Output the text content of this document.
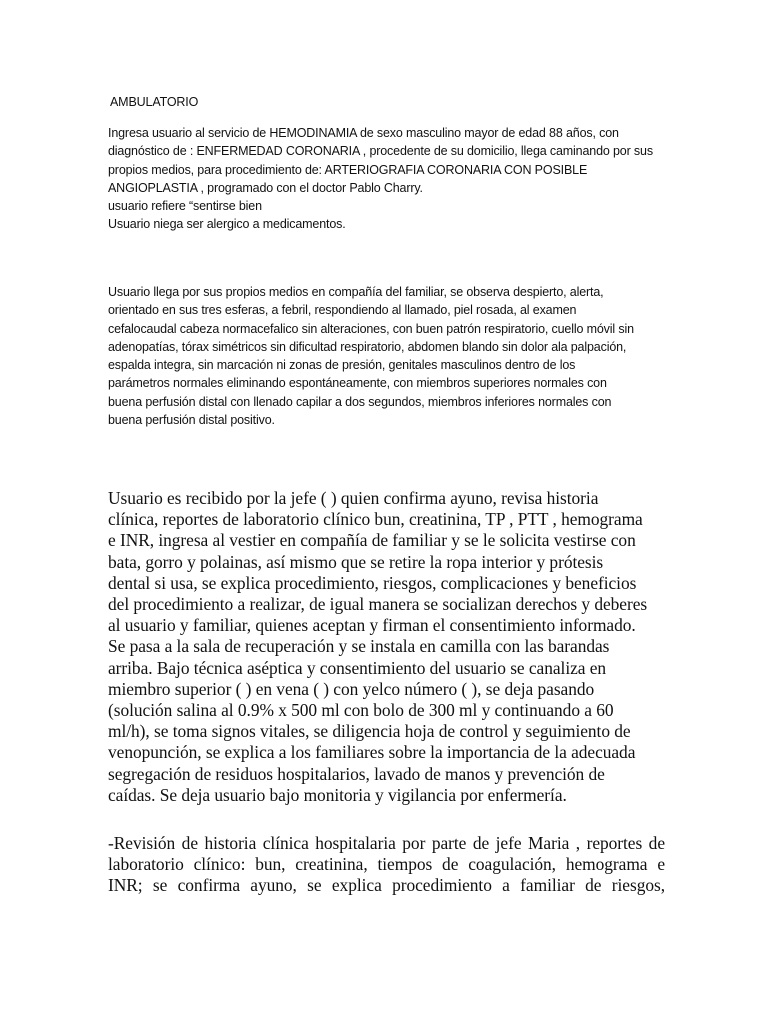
AMBULATORIO
Ingresa usuario al servicio de HEMODINAMIA de sexo masculino mayor de edad 88 años, con
diagnóstico de : ENFERMEDAD CORONARIA , procedente de su domicilio, llega caminando por sus
propios medios, para procedimiento de: ARTERIOGRAFIA CORONARIA CON POSIBLE
ANGIOPLASTIA , programado con el doctor Pablo Charry.
usuario refiere “sentirse bien
Usuario niega ser alergico a medicamentos.
Usuario llega por sus propios medios en compañía del familiar, se observa despierto, alerta,
orientado en sus tres esferas, a febril, respondiendo al llamado, piel rosada, al examen
cefalocaudal cabeza normacefalico sin alteraciones, con buen patrón respiratorio, cuello móvil sin
adenopatías, tórax simétricos sin dificultad respiratorio, abdomen blando sin dolor ala palpación,
espalda integra, sin marcación ni zonas de presión, genitales masculinos dentro de los
parámetros normales eliminando espontáneamente, con miembros superiores normales con
buena perfusión distal con llenado capilar a dos segundos, miembros inferiores normales con
buena perfusión distal positivo.
Usuario es recibido por la jefe ( ) quien confirma ayuno, revisa historia
clínica, reportes de laboratorio clínico bun, creatinina, TP , PTT , hemograma
e INR, ingresa al vestier en compañía de familiar y se le solicita vestirse con
bata, gorro y polainas, así mismo que se retire la ropa interior y prótesis
dental si usa, se explica procedimiento, riesgos, complicaciones y beneficios
del procedimiento a realizar, de igual manera se socializan derechos y deberes
al usuario y familiar, quienes aceptan y firman el consentimiento informado.
Se pasa a la sala de recuperación y se instala en camilla con las barandas
arriba. Bajo técnica aséptica y consentimiento del usuario se canaliza en
miembro superior ( ) en vena ( ) con yelco número ( ), se deja pasando
(solución salina al 0.9% x 500 ml con bolo de 300 ml y continuando a 60
ml/h), se toma signos vitales, se diligencia hoja de control y seguimiento de
venopunción, se explica a los familiares sobre la importancia de la adecuada
segregación de residuos hospitalarios, lavado de manos y prevención de
caídas. Se deja usuario bajo monitoria y vigilancia por enfermería.
-Revisión de historia clínica hospitalaria por parte de jefe Maria , reportes de
laboratorio clínico: bun, creatinina, tiempos de coagulación, hemograma e
INR; se confirma ayuno, se explica procedimiento a familiar de riesgos,
